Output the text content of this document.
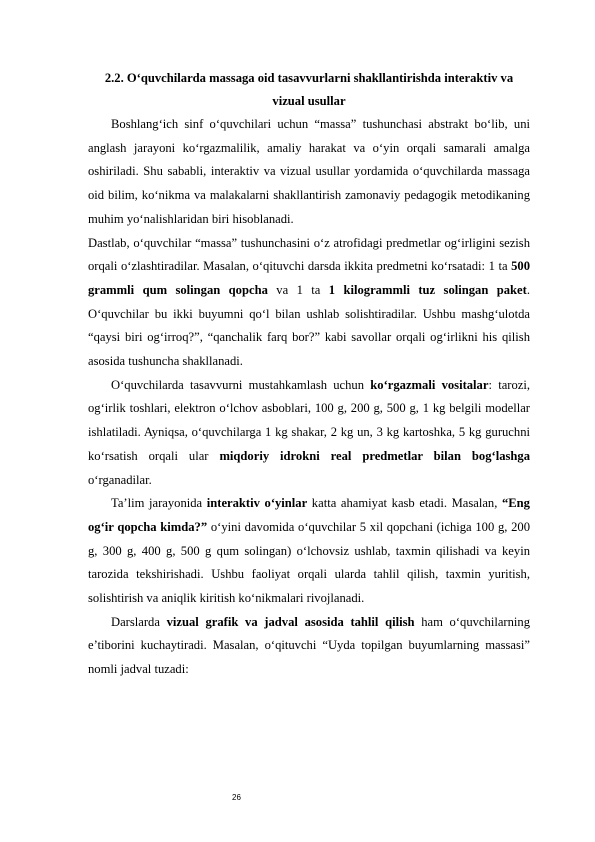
2.2. O‘quvchilarda massaga oid tasavvurlarni shakllantirishda interaktiv va vizual usullar

Boshlang‘ich sinf o‘quvchilari uchun “massa” tushunchasi abstrakt bo‘lib, uni anglash jarayoni ko‘rgazmalilik, amaliy harakat va o‘yin orqali samarali amalga oshiriladi. Shu sababli, interaktiv va vizual usullar yordamida o‘quvchilarda massaga oid bilim, ko‘nikma va malakalarni shakllantirish zamonaviy pedagogik metodikaning muhim yo‘nalishlaridan biri hisoblanadi.

Dastlab, o‘quvchilar “massa” tushunchasini o‘z atrofidagi predmetlar og‘irligini sezish orqali o‘zlashtiradilar. Masalan, o‘qituvchi darsda ikkita predmetni ko‘rsatadi: 1 ta 500 grammli qum solingan qopcha va 1 ta 1 kilogrammli tuz solingan paket. O‘quvchilar bu ikki buyumni qo‘l bilan ushlab solishtiradilar. Ushbu mashg‘ulotda “qaysi biri og‘irroq?”, “qanchalik farq bor?” kabi savollar orqali og‘irlikni his qilish asosida tushuncha shakllanadi.

O‘quvchilarda tasavvurni mustahkamlash uchun ko‘rgazmali vositalar: tarozi, og‘irlik toshlari, elektron o‘lchov asboblari, 100 g, 200 g, 500 g, 1 kg belgili modellar ishlatiladi. Ayniqsa, o‘quvchilarga 1 kg shakar, 2 kg un, 3 kg kartoshka, 5 kg guruchni ko‘rsatish orqali ular miqdoriy idrokni real predmetlar bilan bog‘lashga o‘rganadilar.

Ta’lim jarayonida interaktiv o‘yinlar katta ahamiyat kasb etadi. Masalan, “Eng og‘ir qopcha kimda?” o‘yini davomida o‘quvchilar 5 xil qopchani (ichiga 100 g, 200 g, 300 g, 400 g, 500 g qum solingan) o‘lchovsiz ushlab, taxmin qilishadi va keyin tarozida tekshirishadi. Ushbu faoliyat orqali ularda tahlil qilish, taxmin yuritish, solishtirish va aniqlik kiritish ko‘nikmalari rivojlanadi.

Darslarda vizual grafik va jadval asosida tahlil qilish ham o‘quvchilarning e’tiborini kuchaytiradi. Masalan, o‘qituvchi “Uyda topilgan buyumlarning massasi” nomli jadval tuzadi:

26
